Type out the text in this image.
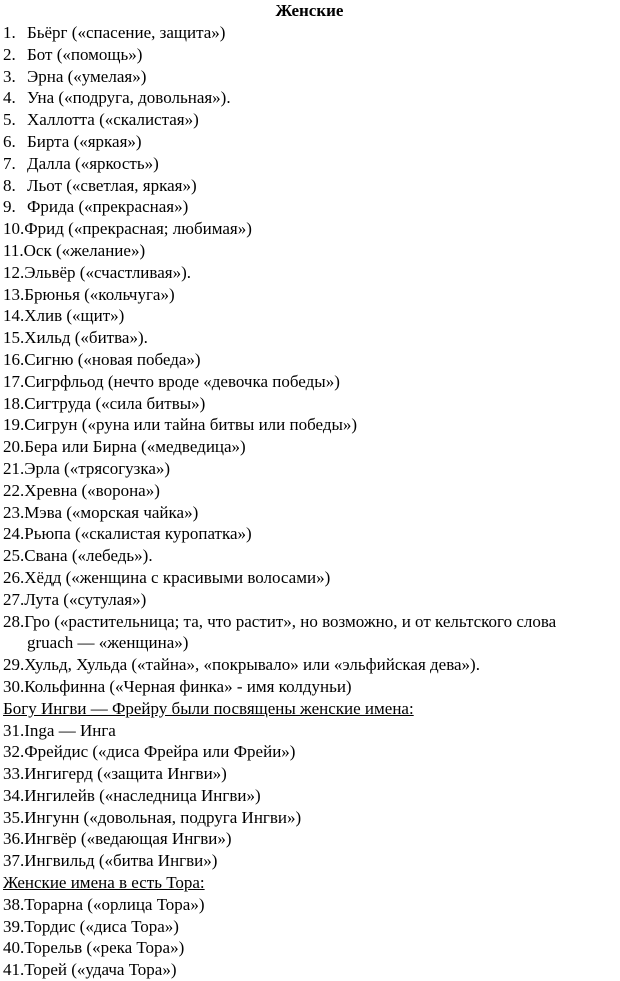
Женские
1. Бьёрг («спасение, защита»)
2. Бот («помощь»)
3. Эрна («умелая»)
4. Уна («подруга, довольная»).
5. Халлотта («скалистая»)
6. Бирта («яркая»)
7. Далла («яркость»)
8. Льот («светлая, яркая»)
9. Фрида («прекрасная»)
10. Фрид («прекрасная; любимая»)
11. Оск («желание»)
12. Эльвёр («счастливая»).
13. Брюнья («кольчуга»)
14. Хлив («щит»)
15. Хильд («битва»).
16. Сигню («новая победа»)
17. Сигрфльод (нечто вроде «девочка победы»)
18. Сигтруда («сила битвы»)
19. Сигрун («руна или тайна битвы или победы»)
20. Бера или Бирна («медведица»)
21. Эрла («трясогузка»)
22. Хревна («ворона»)
23. Мэва («морская чайка»)
24. Рьюпа («скалистая куропатка»)
25. Свана («лебедь»).
26. Хёдд («женщина с красивыми волосами»)
27. Лута («сутулая»)
28. Гро («растительница; та, что растит», но возможно, и от кельтского слова
gruach — «женщина»)
29. Хульд, Хульда («тайна», «покрывало» или «эльфийская дева»).
30. Кольфинна («Черная финка» - имя колдуньи)
Богу Ингви — Фрейру были посвящены женские имена:
31. Inga — Инга
32. Фрейдис («диса Фрейра или Фрейи»)
33. Ингигерд («защита Ингви»)
34. Ингилейв («наследница Ингви»)
35. Ингунн («довольная, подруга Ингви»)
36. Ингвёр («ведающая Ингви»)
37. Ингвильд («битва Ингви»)
Женские имена в есть Тора:
38. Торарна («орлица Тора»)
39. Тордис («диса Тора»)
40. Торельв («река Тора»)
41. Торей («удача Тора»)
